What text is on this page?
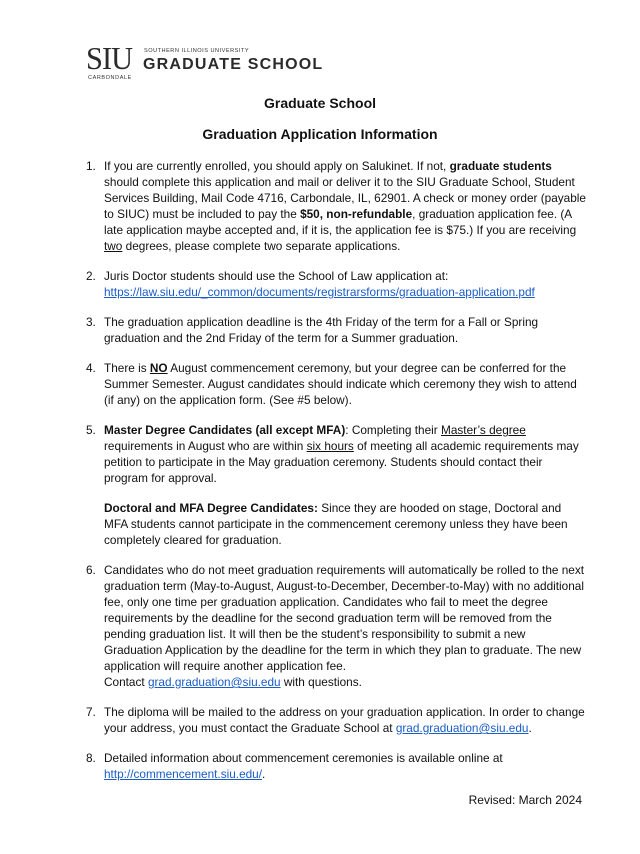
SIU
CARBONDALE
SOUTHERN ILLINOIS UNIVERSITY
GRADUATE SCHOOL
Graduate School
Graduation Application Information
1. If you are currently enrolled, you should apply on Salukinet. If not, graduate students should complete this application and mail or deliver it to the SIU Graduate School, Student Services Building, Mail Code 4716, Carbondale, IL, 62901. A check or money order (payable to SIUC) must be included to pay the $50, non-refundable, graduation application fee. (A late application maybe accepted and, if it is, the application fee is $75.) If you are receiving two degrees, please complete two separate applications.
2. Juris Doctor students should use the School of Law application at:
https://law.siu.edu/_common/documents/registrarsforms/graduation-application.pdf
3. The graduation application deadline is the 4th Friday of the term for a Fall or Spring graduation and the 2nd Friday of the term for a Summer graduation.
4. There is NO August commencement ceremony, but your degree can be conferred for the Summer Semester. August candidates should indicate which ceremony they wish to attend (if any) on the application form. (See #5 below).
5. Master Degree Candidates (all except MFA): Completing their Master’s degree requirements in August who are within six hours of meeting all academic requirements may petition to participate in the May graduation ceremony. Students should contact their program for approval.
Doctoral and MFA Degree Candidates: Since they are hooded on stage, Doctoral and MFA students cannot participate in the commencement ceremony unless they have been completely cleared for graduation.
6. Candidates who do not meet graduation requirements will automatically be rolled to the next graduation term (May-to-August, August-to-December, December-to-May) with no additional fee, only one time per graduation application. Candidates who fail to meet the degree requirements by the deadline for the second graduation term will be removed from the pending graduation list. It will then be the student’s responsibility to submit a new Graduation Application by the deadline for the term in which they plan to graduate. The new application will require another application fee.
Contact grad.graduation@siu.edu with questions.
7. The diploma will be mailed to the address on your graduation application. In order to change your address, you must contact the Graduate School at grad.graduation@siu.edu.
8. Detailed information about commencement ceremonies is available online at
http://commencement.siu.edu/.
Revised: March 2024
